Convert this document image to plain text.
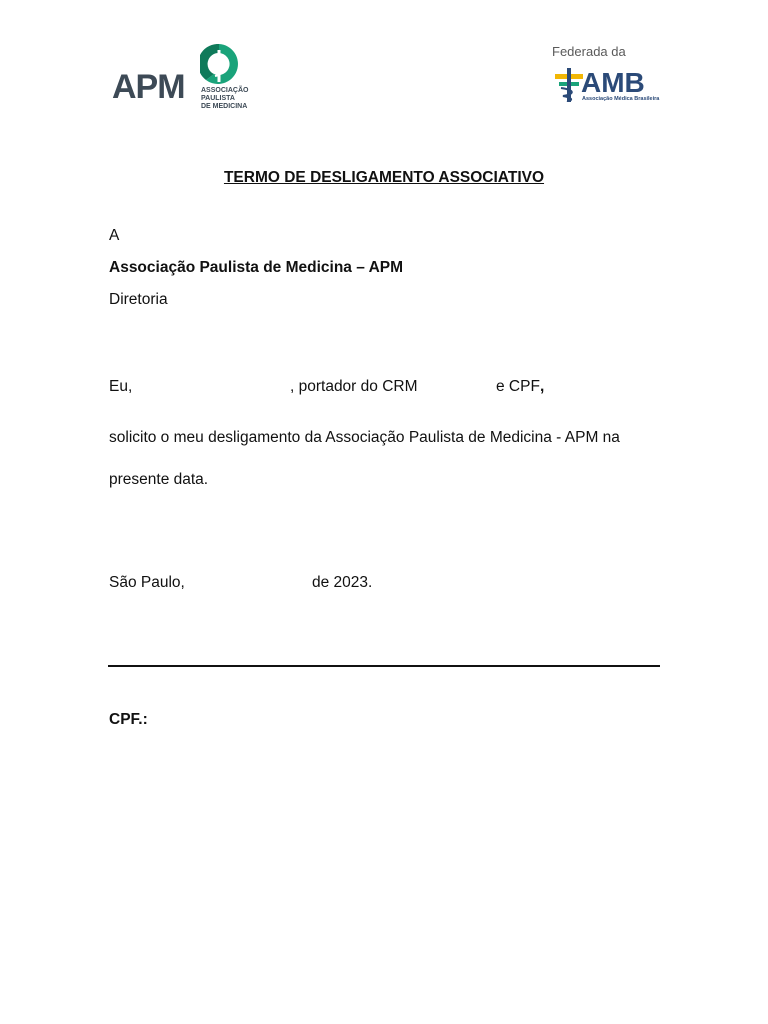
APM ASSOCIAÇÃO PAULISTA
DE MEDICINA
Federada da
AMB
Associação Médica Brasileira
TERMO DE DESLIGAMENTO ASSOCIATIVO
A
Associação Paulista de Medicina – APM
Diretoria
Eu,	, portador do CRM	e CPF,
solicito o meu desligamento da Associação Paulista de Medicina - APM na
presente data.
São Paulo,	de 2023.
CPF.:
